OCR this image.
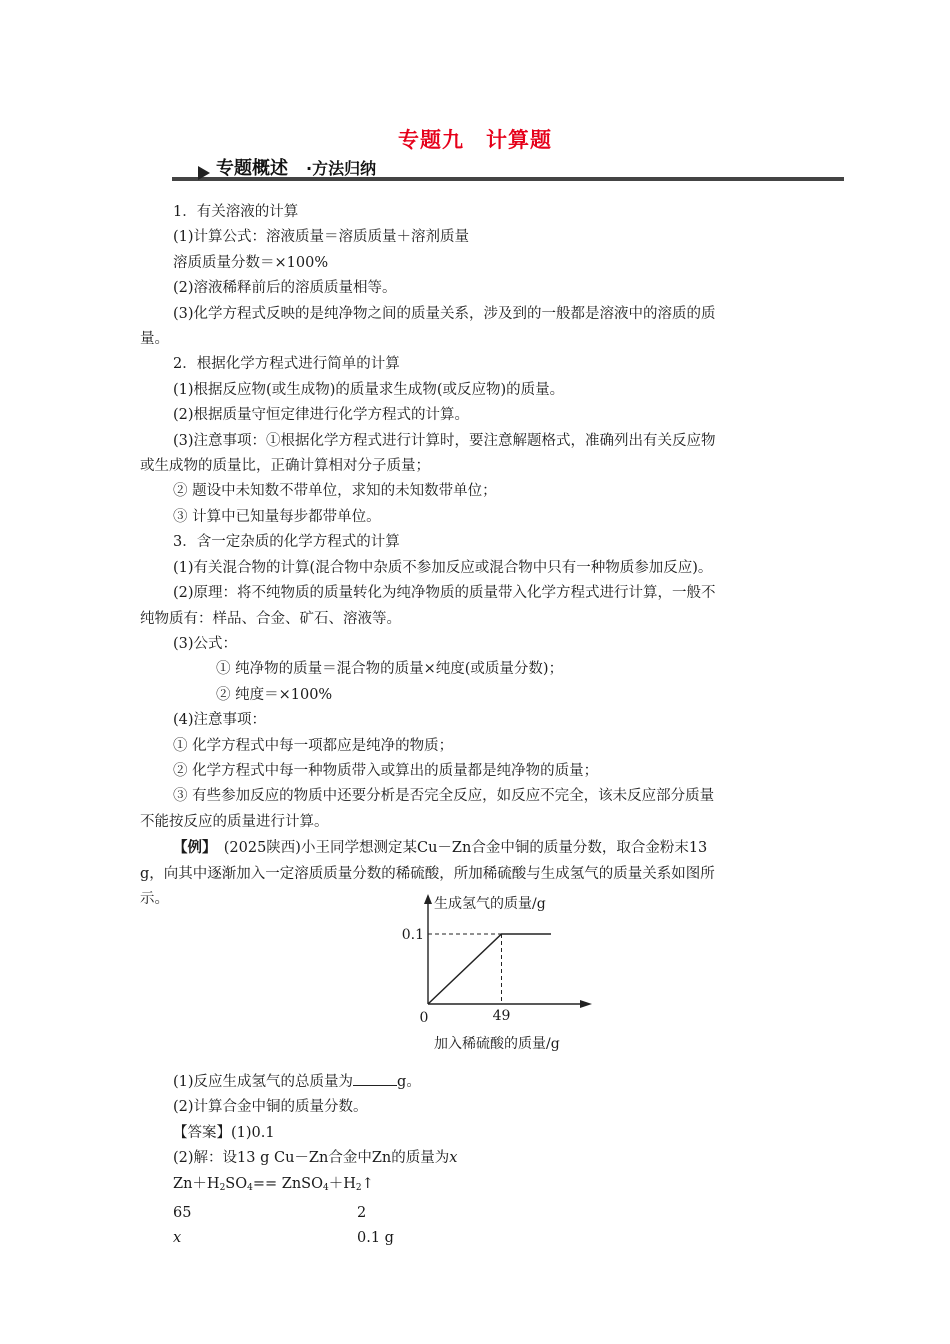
专题九　计算题
专题概述 ·方法归纳

1．有关溶液的计算

(1)计算公式：溶液质量＝溶质质量＋溶剂质量

溶质质量分数＝×100%

(2)溶液稀释前后的溶质质量相等。

(3)化学方程式反映的是纯净物之间的质量关系，涉及到的一般都是溶液中的溶质的质

量。

2．根据化学方程式进行简单的计算

(1)根据反应物(或生成物)的质量求生成物(或反应物)的质量。

(2)根据质量守恒定律进行化学方程式的计算。

(3)注意事项：①根据化学方程式进行计算时，要注意解题格式，准确列出有关反应物

或生成物的质量比，正确计算相对分子质量；

② 题设中未知数不带单位，求知的未知数带单位；

③ 计算中已知量每步都带单位。

3．含一定杂质的化学方程式的计算

(1)有关混合物的计算(混合物中杂质不参加反应或混合物中只有一种物质参加反应)。

(2)原理：将不纯物质的质量转化为纯净物质的质量带入化学方程式进行计算，一般不

纯物质有：样品、合金、矿石、溶液等。

(3)公式：

① 纯净物的质量＝混合物的质量×纯度(或质量分数)；

② 纯度＝×100%

(4)注意事项：

① 化学方程式中每一项都应是纯净的物质；

② 化学方程式中每一种物质带入或算出的质量都是纯净物的质量；

③ 有些参加反应的物质中还要分析是否完全反应，如反应不完全，该未反应部分质量

不能按反应的质量进行计算。

【例】　(2025陕西)小王同学想测定某Cu－Zn合金中铜的质量分数，取合金粉末13

g，向其中逐渐加入一定溶质质量分数的稀硫酸，所加稀硫酸与生成氢气的质量关系如图所

示。	生成氢气的质量/g
0.1
0	49
加入稀硫酸的质量/g

(1)反应生成氢气的总质量为	g。

(2)计算合金中铜的质量分数。

【答案】(1)0.1

(2)解：设13 g Cu－Zn合金中Zn的质量为x

$Zn+H_2SO_4==$ $ZnSO_4+H_2↑$

65	2
x	0.1 g
